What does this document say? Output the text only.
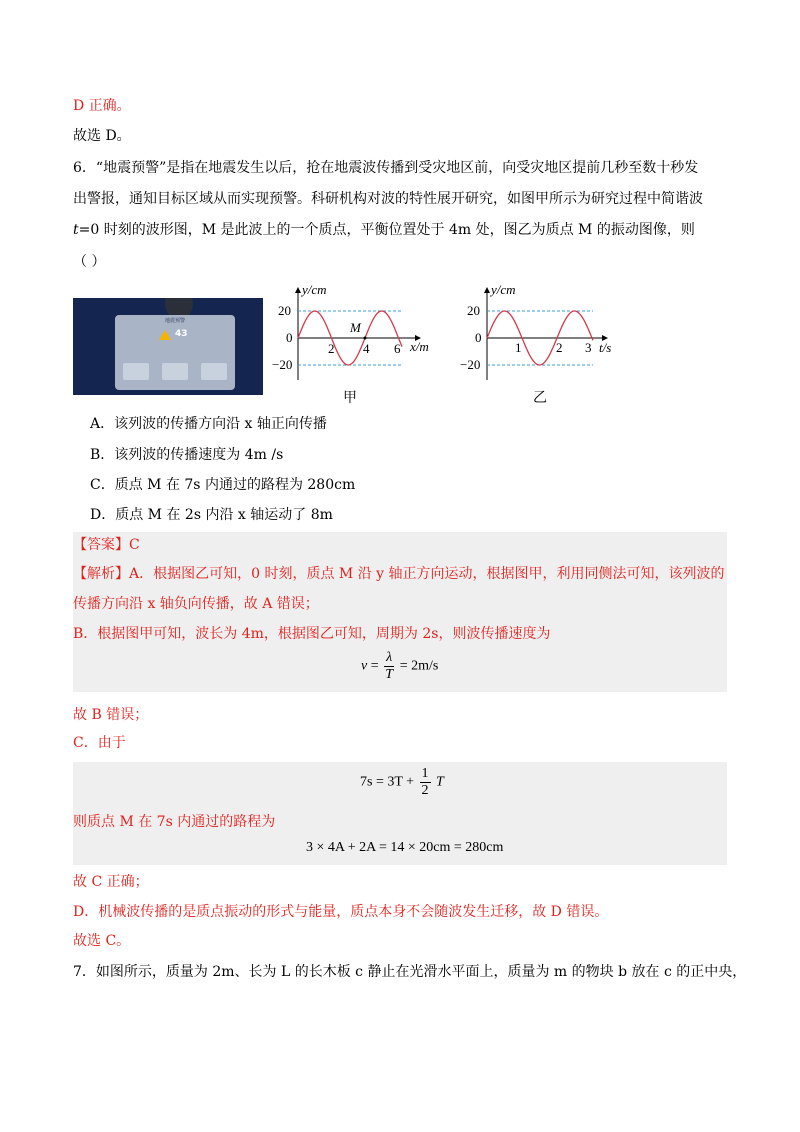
D 正确。
故选 D。
6．“地震预警”是指在地震发生以后，抢在地震波传播到受灾地区前，向受灾地区提前几秒至数十秒发
出警报，通知目标区域从而实现预警。科研机构对波的特性展开研究，如图甲所示为研究过程中简谐波
t=0 时刻的波形图，M 是此波上的一个质点，平衡位置处于 4m 处，图乙为质点 M 的振动图像，则
（ ）
地震预警
43
y/cm
20
0
−20
2 4 6 x/m
M
甲
y/cm
20
0
−20
1	2 3 t/s
乙
A．该列波的传播方向沿 x 轴正向传播
B．该列波的传播速度为 4m /s
C．质点 M 在 7s 内通过的路程为 280cm
D．质点 M 在 2s 内沿 x 轴运动了 8m
【答案】C
【解析】A．根据图乙可知，0 时刻，质点 M 沿 y 轴正方向运动，根据图甲，利用同侧法可知，该列波的
传播方向沿 x 轴负向传播，故 A 错误；
B．根据图甲可知，波长为 4m，根据图乙可知，周期为 2s，则波传播速度为
$v = \frac{\lambda}{T} = 2m/s$
故 B 错误；
C．由于
$7s = 3T + \frac{1}{2}$ T
则质点 M 在 7s 内通过的路程为
3 × 4A + 2A = 14 × 20cm = 280cm
故 C 正确；
D．机械波传播的是质点振动的形式与能量，质点本身不会随波发生迁移，故 D 错误。
故选 C。
7．如图所示，质量为 2m、长为 L 的长木板 c 静止在光滑水平面上，质量为 m 的物块 b 放在 c 的正中央，
